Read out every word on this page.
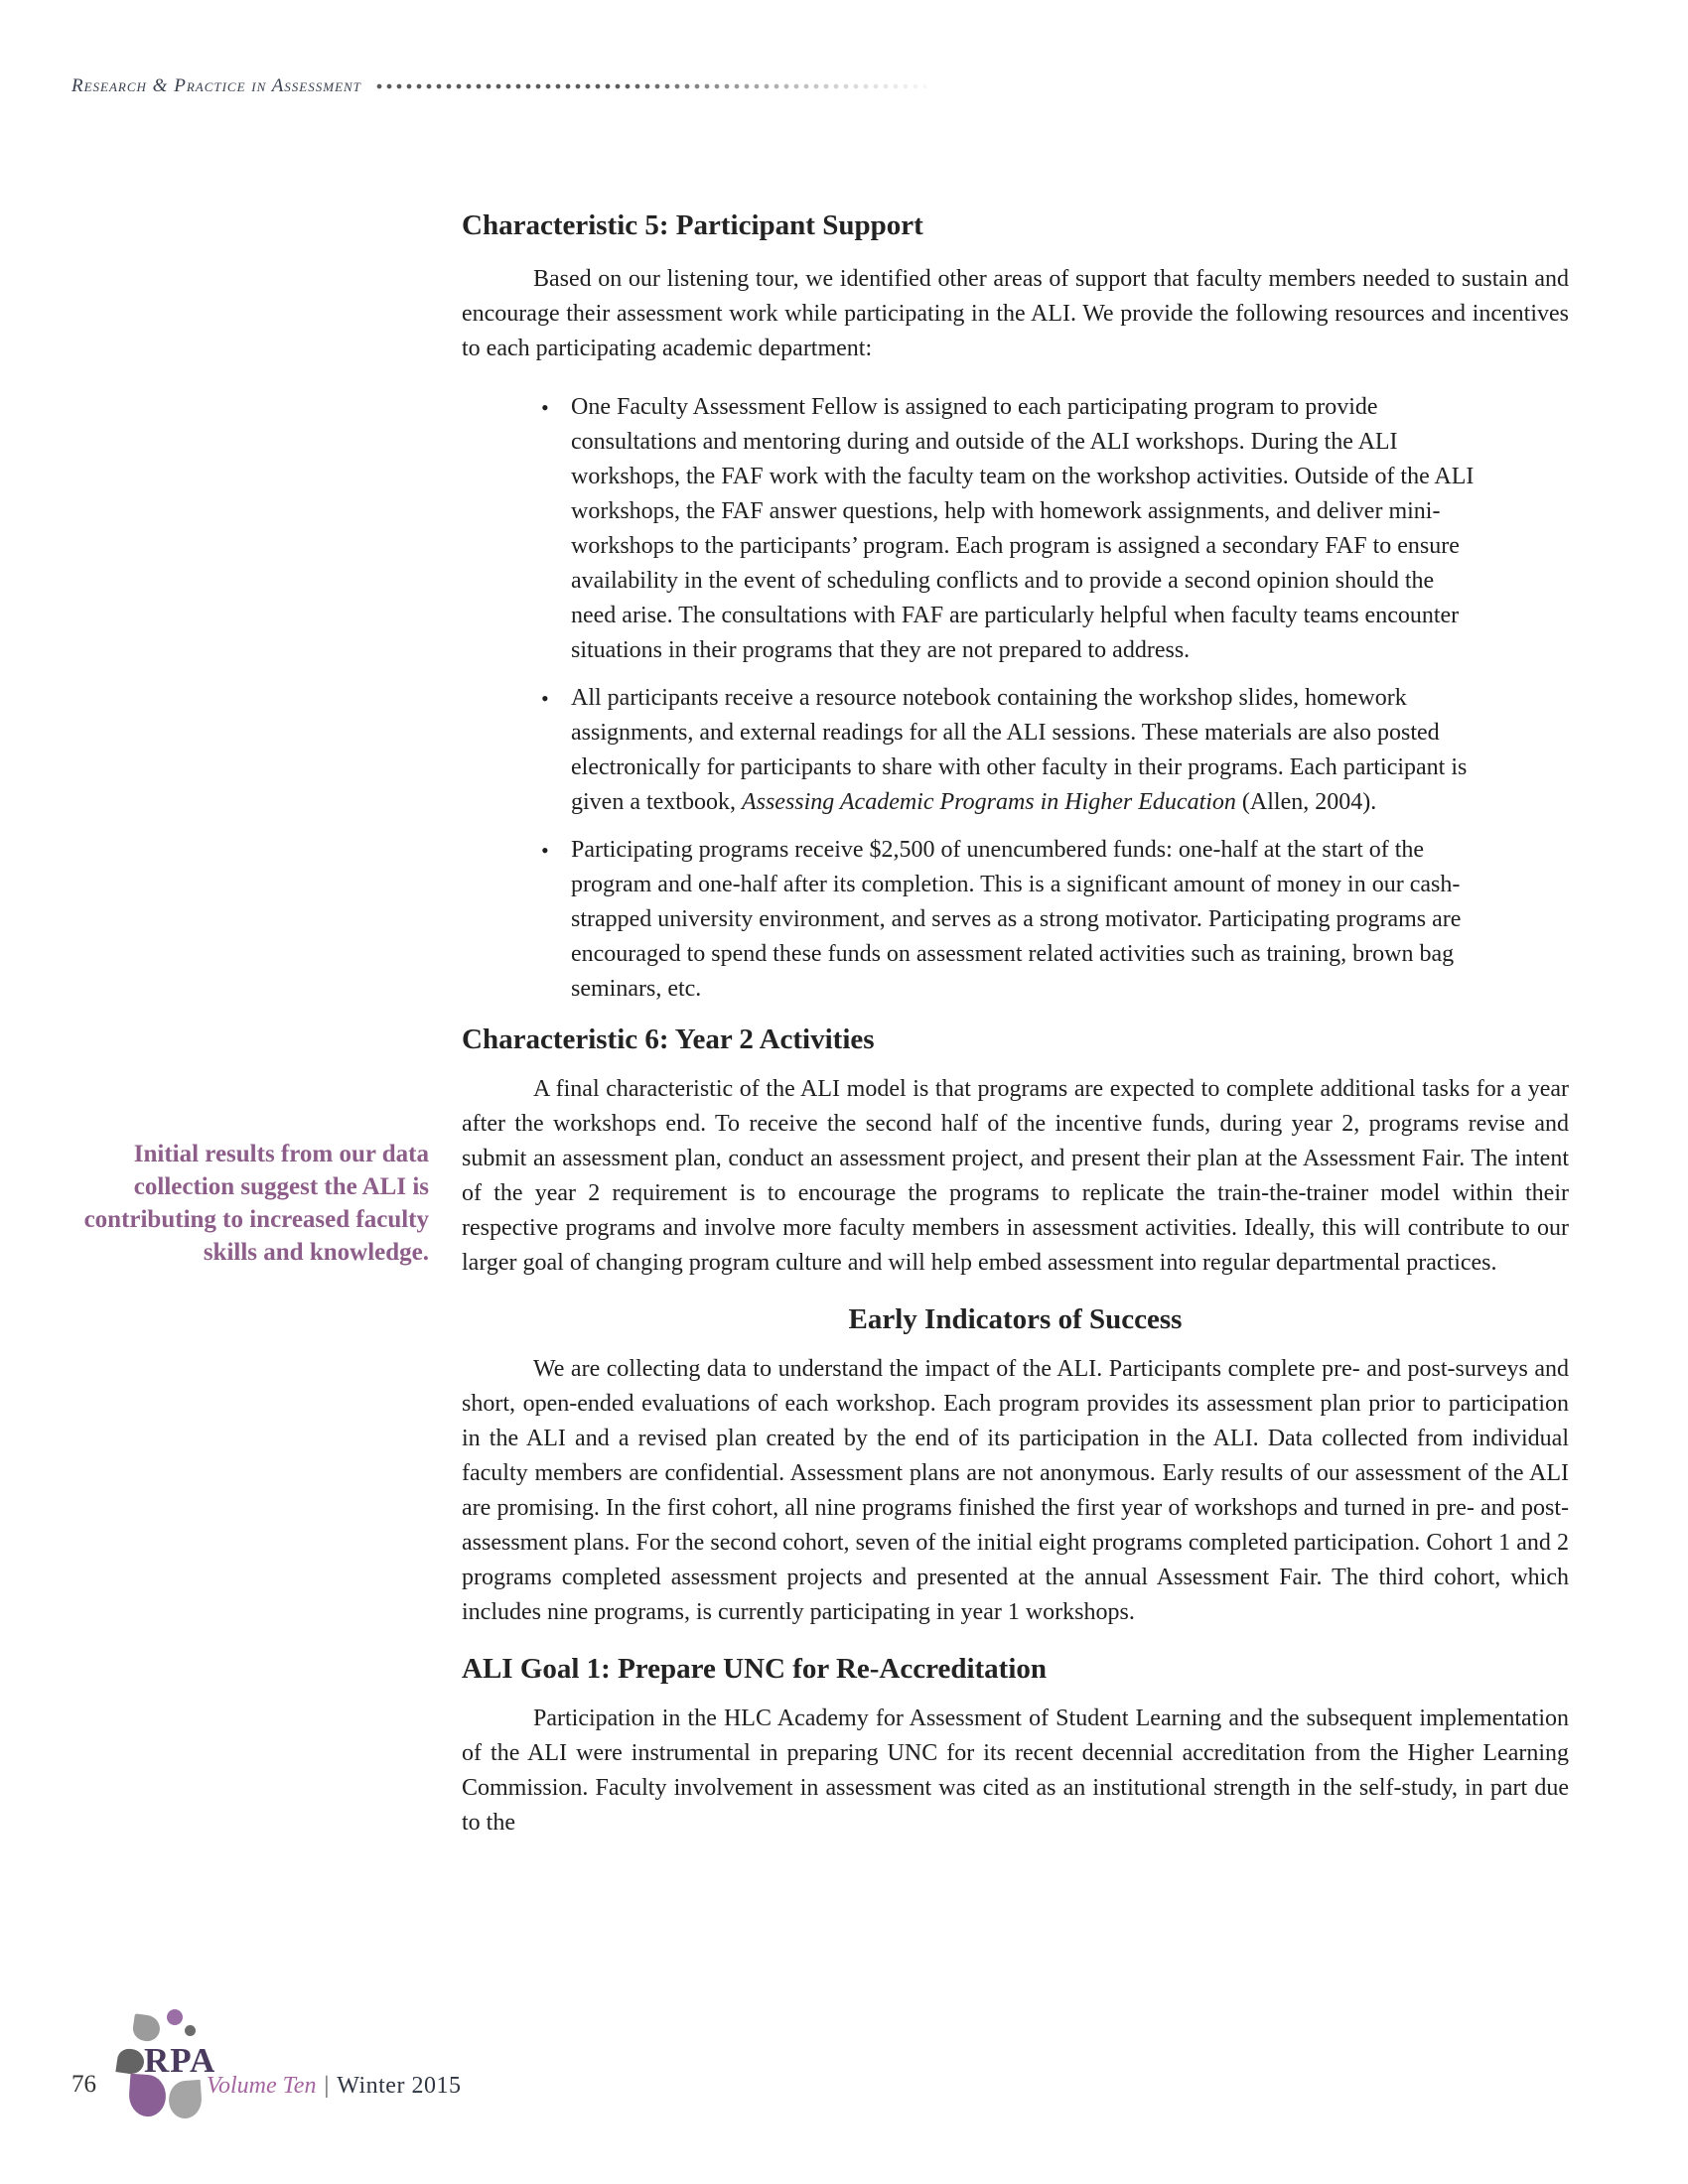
Research & Practice in Assessment
Initial results from our data collection suggest the ALI is contributing to increased faculty skills and knowledge.
Characteristic 5: Participant Support

Based on our listening tour, we identified other areas of support that faculty members needed to sustain and encourage their assessment work while participating in the ALI. We provide the following resources and incentives to each participating academic department:

• One Faculty Assessment Fellow is assigned to each participating program to provide consultations and mentoring during and outside of the ALI workshops. During the ALI workshops, the FAF work with the faculty team on the workshop activities. Outside of the ALI workshops, the FAF answer questions, help with homework assignments, and deliver mini-workshops to the participants’ program. Each program is assigned a secondary FAF to ensure availability in the event of scheduling conflicts and to provide a second opinion should the need arise. The consultations with FAF are particularly helpful when faculty teams encounter situations in their programs that they are not prepared to address.
• All participants receive a resource notebook containing the workshop slides, homework assignments, and external readings for all the ALI sessions. These materials are also posted electronically for participants to share with other faculty in their programs. Each participant is given a textbook, Assessing Academic Programs in Higher Education (Allen, 2004).
• Participating programs receive $2,500 of unencumbered funds: one-half at the start of the program and one-half after its completion. This is a significant amount of money in our cash-strapped university environment, and serves as a strong motivator. Participating programs are encouraged to spend these funds on assessment related activities such as training, brown bag seminars, etc.
Characteristic 6: Year 2 Activities

A final characteristic of the ALI model is that programs are expected to complete additional tasks for a year after the workshops end. To receive the second half of the incentive funds, during year 2, programs revise and submit an assessment plan, conduct an assessment project, and present their plan at the Assessment Fair. The intent of the year 2 requirement is to encourage the programs to replicate the train-the-trainer model within their respective programs and involve more faculty members in assessment activities. Ideally, this will contribute to our larger goal of changing program culture and will help embed assessment into regular departmental practices.

Early Indicators of Success

We are collecting data to understand the impact of the ALI. Participants complete pre- and post-surveys and short, open-ended evaluations of each workshop. Each program provides its assessment plan prior to participation in the ALI and a revised plan created by the end of its participation in the ALI. Data collected from individual faculty members are confidential. Assessment plans are not anonymous. Early results of our assessment of the ALI are promising. In the first cohort, all nine programs finished the first year of workshops and turned in pre- and post-assessment plans. For the second cohort, seven of the initial eight programs completed participation. Cohort 1 and 2 programs completed assessment projects and presented at the annual Assessment Fair. The third cohort, which includes nine programs, is currently participating in year 1 workshops.

ALI Goal 1: Prepare UNC for Re-Accreditation

Participation in the HLC Academy for Assessment of Student Learning and the subsequent implementation of the ALI were instrumental in preparing UNC for its recent decennial accreditation from the Higher Learning Commission. Faculty involvement in assessment was cited as an institutional strength in the self-study, in part due to the

76
RPA
Volume Ten | Winter 2015
